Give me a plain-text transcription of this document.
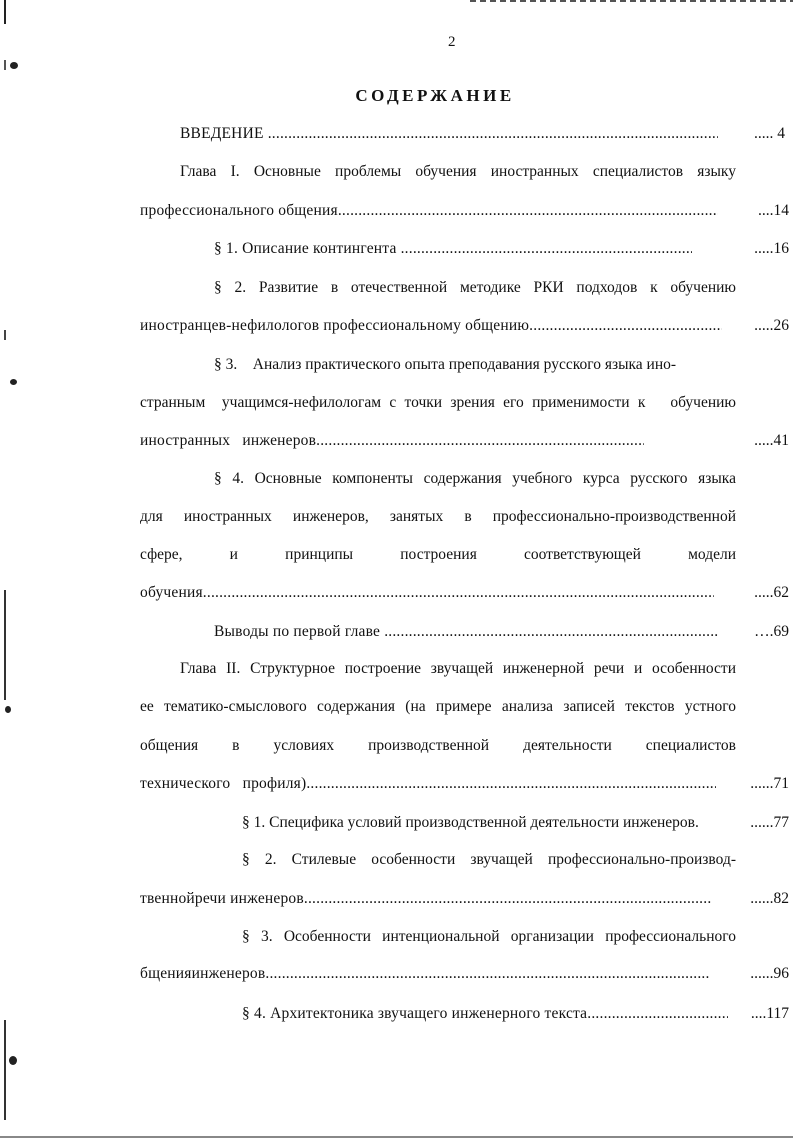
2
СОДЕРЖАНИЕ
ВВЕДЕНИЕ .....	..... 4
Глава I. Основные проблемы обучения иностранных специалистов языку
профессионального общения .....	....14
§ 1. Описание контингента .....	.....16
§ 2. Развитие в отечественной методике РКИ подходов к обучению
иностранцев-нефилологов профессиональному общению .....	.....26
§ 3.    Анализ практического опыта преподавания русского языка ино-
странным  учащимся-нефилологам с точки зрения его применимости к   обучению
иностранных   инженеров .....	.....41
§ 4. Основные компоненты содержания учебного курса русского языка
для иностранных инженеров, занятых в профессионально-производственной
сфере, и принципы построения соответствующей модели
обучения .....	.....62
Выводы по первой главе .....	….69
Глава II. Структурное построение звучащей инженерной речи и особенности
ее тематико-смыслового содержания (на примере анализа записей текстов устного
общения в условиях производственной деятельности специалистов
технического   профиля) .....	......71
§ 1. Специфика условий производственной деятельности инженеров.	......77
§ 2. Стилевые особенности звучащей профессионально-производ-
твеннойречи инженеров .....	......82
§ 3. Особенности интенциональной организации профессионального
бщенияинженеров .....	......96
§ 4. Архитектоника звучащего инженерного текста .....	....117
